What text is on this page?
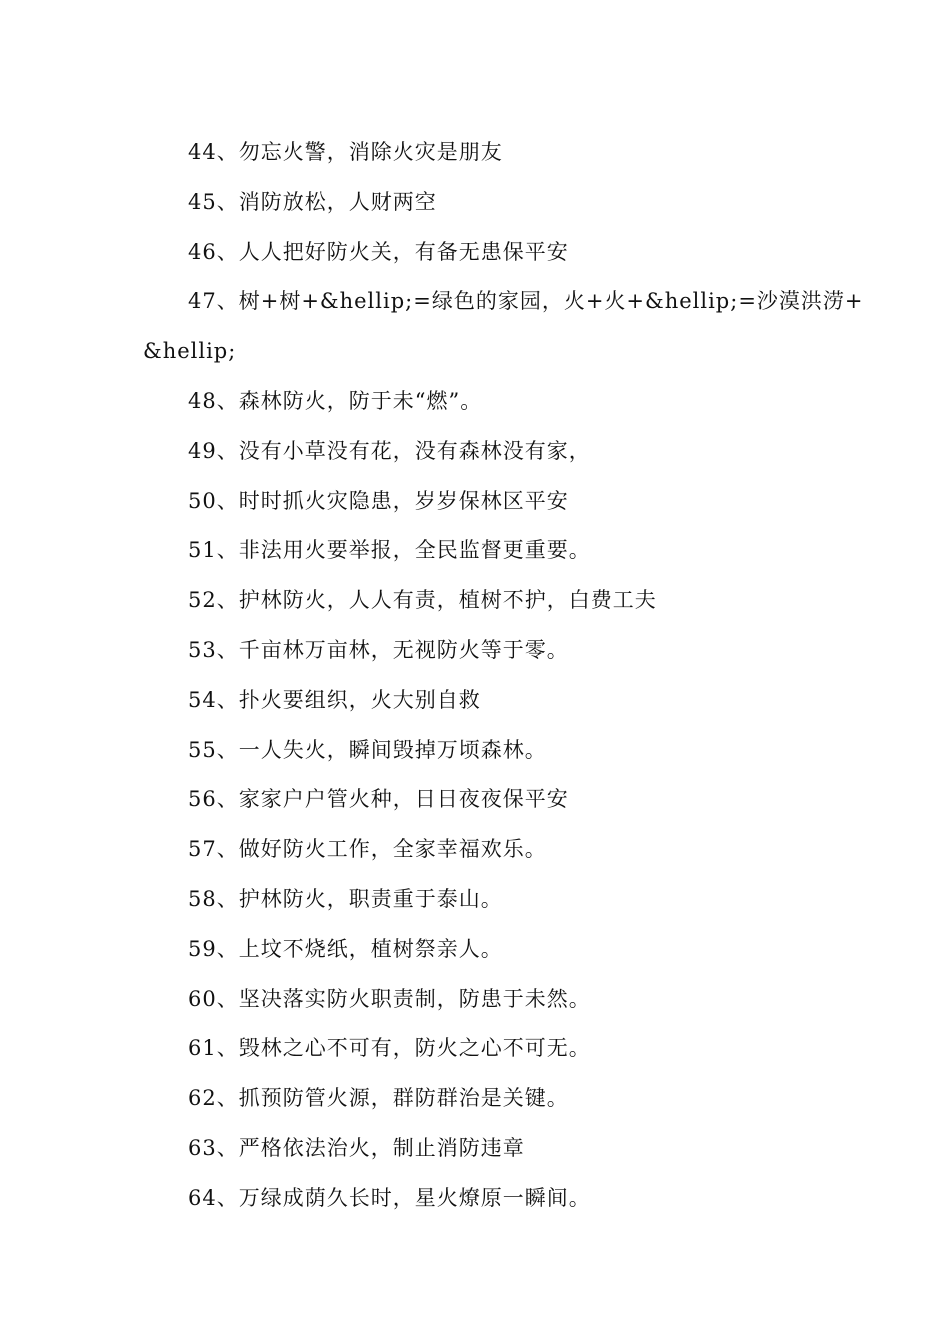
44、勿忘火警，消除火灾是朋友
45、消防放松，人财两空
46、人人把好防火关，有备无患保平安
47、树+树+&hellip;=绿色的家园，火+火+&hellip;=沙漠洪涝+
&hellip;
48、森林防火，防于未“燃”。
49、没有小草没有花，没有森林没有家，
50、时时抓火灾隐患，岁岁保林区平安
51、非法用火要举报，全民监督更重要。
52、护林防火，人人有责，植树不护，白费工夫
53、千亩林万亩林，无视防火等于零。
54、扑火要组织，火大别自救
55、一人失火，瞬间毁掉万顷森林。
56、家家户户管火种，日日夜夜保平安
57、做好防火工作，全家幸福欢乐。
58、护林防火，职责重于泰山。
59、上坟不烧纸，植树祭亲人。
60、坚决落实防火职责制，防患于未然。
61、毁林之心不可有，防火之心不可无。
62、抓预防管火源，群防群治是关键。
63、严格依法治火，制止消防违章
64、万绿成荫久长时，星火燎原一瞬间。
